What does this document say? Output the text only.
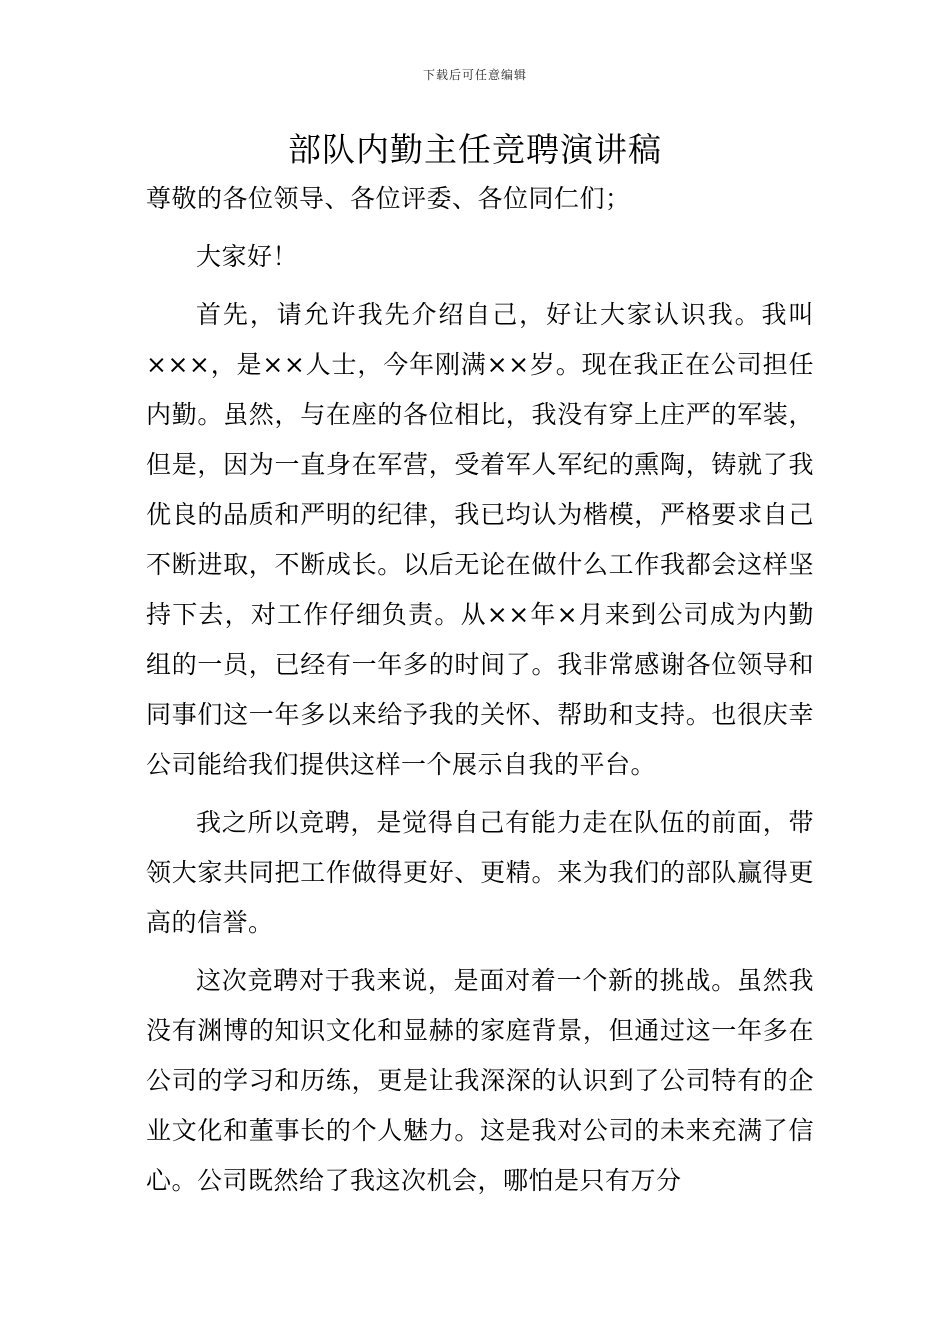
下载后可任意编辑
部队内勤主任竞聘演讲稿

尊敬的各位领导、各位评委、各位同仁们；

大家好！

首先，请允许我先介绍自己，好让大家认识我。我叫×××，是××人士，今年刚满××岁。现在我正在公司担任内勤。虽然，与在座的各位相比，我没有穿上庄严的军装，但是，因为一直身在军营，受着军人军纪的熏陶，铸就了我优良的品质和严明的纪律，我已均认为楷模，严格要求自己不断进取，不断成长。以后无论在做什么工作我都会这样坚持下去，对工作仔细负责。从××年×月来到公司成为内勤组的一员，已经有一年多的时间了。我非常感谢各位领导和同事们这一年多以来给予我的关怀、帮助和支持。也很庆幸公司能给我们提供这样一个展示自我的平台。

我之所以竞聘，是觉得自己有能力走在队伍的前面，带领大家共同把工作做得更好、更精。来为我们的部队赢得更高的信誉。

这次竞聘对于我来说，是面对着一个新的挑战。虽然我没有渊博的知识文化和显赫的家庭背景，但通过这一年多在公司的学习和历练，更是让我深深的认识到了公司特有的企业文化和董事长的个人魅力。这是我对公司的未来充满了信心。公司既然给了我这次机会，哪怕是只有万分
